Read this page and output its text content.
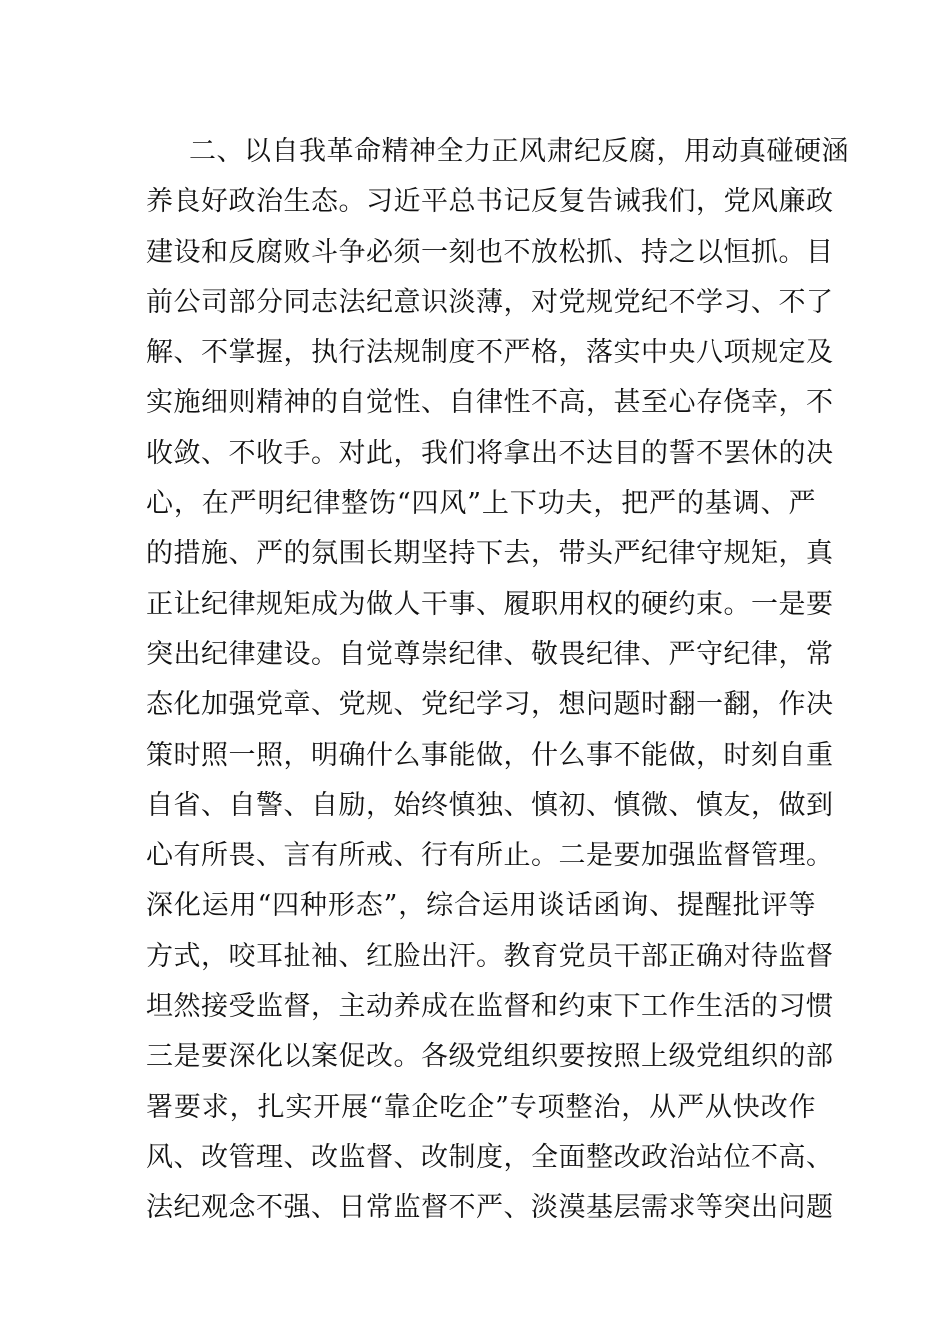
二、以自我革命精神全力正风肃纪反腐，用动真碰硬涵
养良好政治生态。习近平总书记反复告诫我们，党风廉政
建设和反腐败斗争必须一刻也不放松抓、持之以恒抓。目
前公司部分同志法纪意识淡薄，对党规党纪不学习、不了
解、不掌握，执行法规制度不严格，落实中央八项规定及
实施细则精神的自觉性、自律性不高，甚至心存侥幸，不
收敛、不收手。对此，我们将拿出不达目的誓不罢休的决
心，在严明纪律整饬“四风”上下功夫，把严的基调、严
的措施、严的氛围长期坚持下去，带头严纪律守规矩，真
正让纪律规矩成为做人干事、履职用权的硬约束。一是要
突出纪律建设。自觉尊崇纪律、敬畏纪律、严守纪律，常
态化加强党章、党规、党纪学习，想问题时翻一翻，作决
策时照一照，明确什么事能做，什么事不能做，时刻自重
自省、自警、自励，始终慎独、慎初、慎微、慎友，做到
心有所畏、言有所戒、行有所止。二是要加强监督管理。
深化运用“四种形态”，综合运用谈话函询、提醒批评等
方式，咬耳扯袖、红脸出汗。教育党员干部正确对待监督
坦然接受监督，主动养成在监督和约束下工作生活的习惯
三是要深化以案促改。各级党组织要按照上级党组织的部
署要求，扎实开展“靠企吃企”专项整治，从严从快改作
风、改管理、改监督、改制度，全面整改政治站位不高、
法纪观念不强、日常监督不严、淡漠基层需求等突出问题
